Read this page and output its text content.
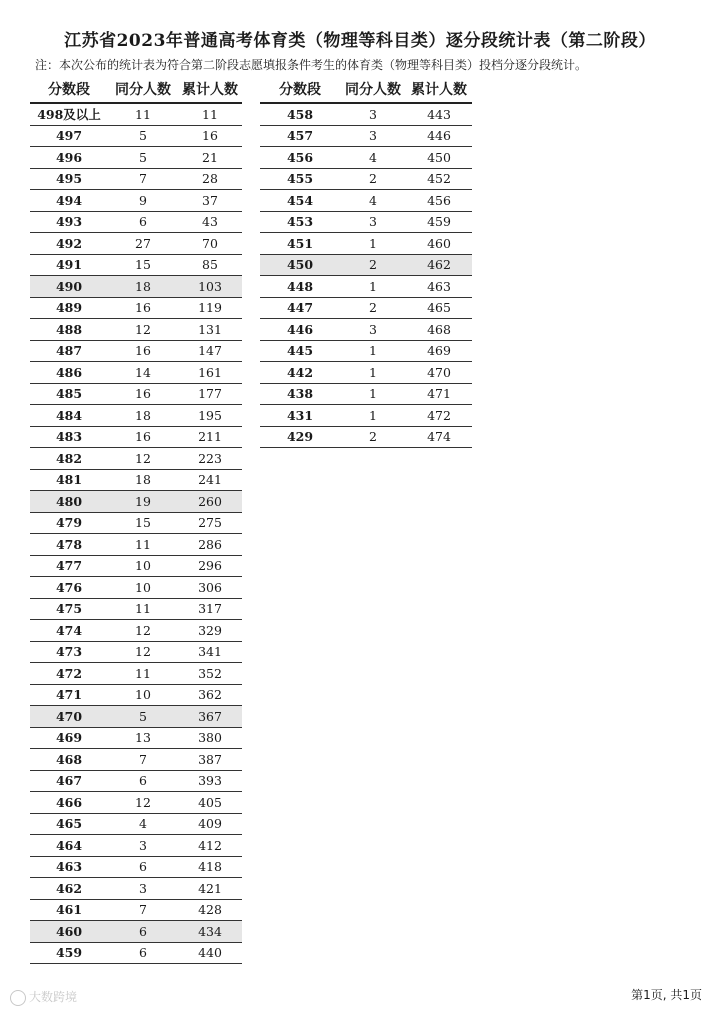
江苏省2023年普通高考体育类（物理等科目类）逐分段统计表（第二阶段）
注：本次公布的统计表为符合第二阶段志愿填报条件考生的体育类（物理等科目类）投档分逐分段统计。
分数段	同分人数	累计人数
498及以上	11	11
497	5	16
496	5	21
495	7	28
494	9	37
493	6	43
492	27	70
491	15	85
490	18	103
489	16	119
488	12	131
487	16	147
486	14	161
485	16	177
484	18	195
483	16	211
482	12	223
481	18	241
480	19	260
479	15	275
478	11	286
477	10	296
476	10	306
475	11	317
474	12	329
473	12	341
472	11	352
471	10	362
470	5	367
469	13	380
468	7	387
467	6	393
466	12	405
465	4	409
464	3	412
463	6	418
462	3	421
461	7	428
460	6	434
459	6	440
分数段	同分人数	累计人数
458	3	443
457	3	446
456	4	450
455	2	452
454	4	456
453	3	459
451	1	460
450	2	462
448	1	463
447	2	465
446	3	468
445	1	469
442	1	470
438	1	471
431	1	472
429	2	474
大数跨境	第1页, 共1页
